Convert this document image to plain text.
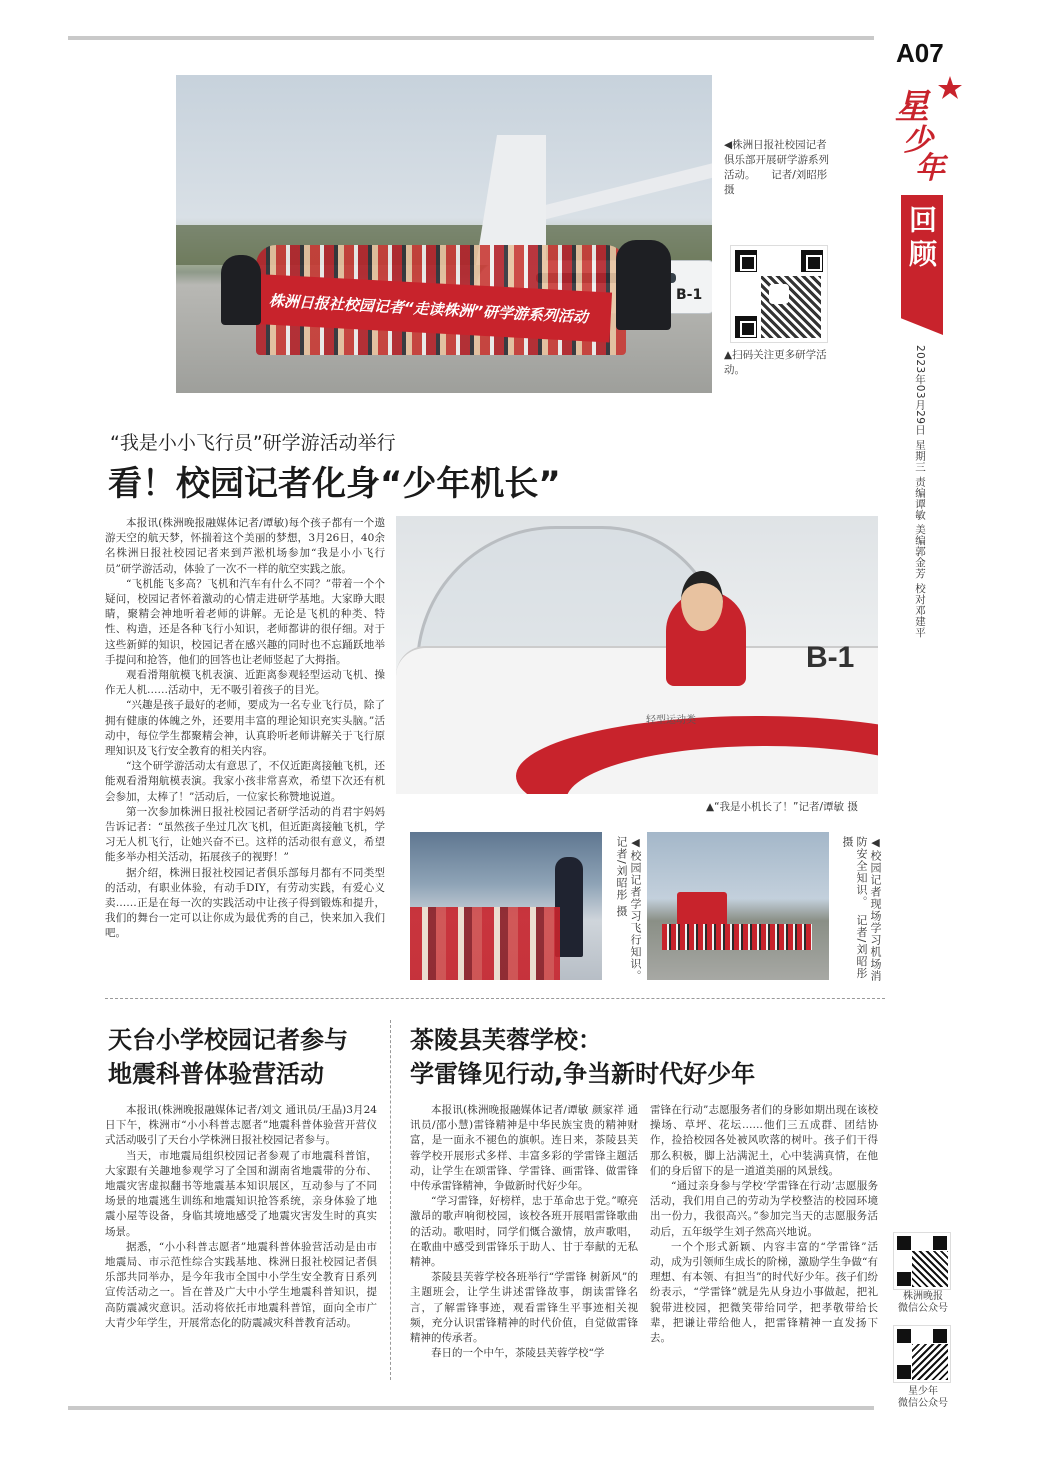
A07
星
少
年
回顾
2023年03月29日 星期三 责编谭敏 美编郭金芳 校对邓建平
B-1
株洲日报社校园记者“走读株洲”研学游系列活动
◀株洲日报社校园记者俱乐部开展研学游系列活动。　　记者/刘昭彤 摄
▲扫码关注更多研学活动。
“我是小小飞行员”研学游活动举行
看！校园记者化身“少年机长”

本报讯(株洲晚报融媒体记者/谭敏)每个孩子都有一个遨游天空的航天梦，怀揣着这个美丽的梦想，3月26日，40余名株洲日报社校园记者来到芦淞机场参加“我是小小飞行员”研学游活动，体验了一次不一样的航空实践之旅。

“飞机能飞多高？飞机和汽车有什么不同？”带着一个个疑问，校园记者怀着激动的心情走进研学基地。大家睁大眼睛，聚精会神地听着老师的讲解。无论是飞机的种类、特性、构造，还是各种飞行小知识，老师都讲的很仔细。对于这些新鲜的知识，校园记者在感兴趣的同时也不忘踊跃地举手提问和抢答，他们的回答也让老师竖起了大拇指。

观看滑翔航模飞机表演、近距离参观轻型运动飞机、操作无人机……活动中，无不吸引着孩子的目光。

“兴趣是孩子最好的老师，要成为一名专业飞行员，除了拥有健康的体魄之外，还要用丰富的理论知识充实头脑。”活动中，每位学生都聚精会神，认真聆听老师讲解关于飞行原理知识及飞行安全教育的相关内容。

“这个研学游活动太有意思了，不仅近距离接触飞机，还能观看滑翔航模表演。我家小孩非常喜欢，希望下次还有机会参加，太棒了！”活动后，一位家长称赞地说道。

第一次参加株洲日报社校园记者研学活动的肖君宇妈妈告诉记者：“虽然孩子坐过几次飞机，但近距离接触飞机，学习无人机飞行，让她兴奋不已。这样的活动很有意义，希望能多举办相关活动，拓展孩子的视野！”

据介绍，株洲日报社校园记者俱乐部每月都有不同类型的活动，有职业体验，有动手DIY，有劳动实践，有爱心义卖……正是在每一次的实践活动中让孩子得到锻炼和提升，我们的舞台一定可以让你成为最优秀的自己，快来加入我们吧。

B-1
轻型运动类
▲“我是小机长了！”记者/谭敏 摄
◀校园记者学习飞行知识。　记者/刘昭彤 摄	◀校园记者现场学习机场消防安全知识。　记者/刘昭彤 摄
天台小学校园记者参与
地震科普体验营活动

本报讯(株洲晚报融媒体记者/刘文 通讯员/王晶)3月24日下午，株洲市“小小科普志愿者”地震科普体验营开营仪式活动吸引了天台小学株洲日报社校园记者参与。

当天，市地震局组织校园记者参观了市地震科普馆，大家跟有关趣地参观学习了全国和湖南省地震带的分布、地震灾害虚拟翻书等地震基本知识展区，互动参与了不同场景的地震逃生训练和地震知识抢答系统，亲身体验了地震小屋等设备，身临其境地感受了地震灾害发生时的真实场景。

据悉，“小小科普志愿者”地震科普体验营活动是由市地震局、市示范性综合实践基地、株洲日报社校园记者俱乐部共同举办，是今年我市全国中小学生安全教育日系列宣传活动之一。旨在普及广大中小学生地震科普知识，提高防震减灾意识。活动将依托市地震科普馆，面向全市广大青少年学生，开展常态化的防震减灾科普教育活动。

茶陵县芙蓉学校：
学雷锋见行动,争当新时代好少年

本报讯(株洲晚报融媒体记者/谭敏 颜家祥 通讯员/邵小慧)雷锋精神是中华民族宝贵的精神财富，是一面永不褪色的旗帜。连日来，茶陵县芙蓉学校开展形式多样、丰富多彩的学雷锋主题活动，让学生在颂雷锋、学雷锋、画雷锋、做雷锋中传承雷锋精神，争做新时代好少年。

“学习雷锋，好榜样，忠于革命忠于党。”嘹亮激昂的歌声响彻校园，该校各班开展唱雷锋歌曲的活动。歌唱时，同学们慨合激情，放声歌唱，在歌曲中感受到雷锋乐于助人、甘于奉献的无私精神。

茶陵县芙蓉学校各班举行“学雷锋 树新风”的主题班会，让学生讲述雷锋故事，朗读雷锋名言，了解雷锋事迹，观看雷锋生平事迹相关视频，充分认识雷锋精神的时代价值，自觉做雷锋精神的传承者。

春日的一个中午，茶陵县芙蓉学校“学

雷锋在行动”志愿服务者们的身影如期出现在该校操场、草坪、花坛……他们三五成群、团结协作，捡拾校园各处被风吹落的树叶。孩子们干得那么积极，脚上沾满泥土，心中装满真情，在他们的身后留下的是一道道美丽的风景线。

“通过亲身参与学校‘学雷锋在行动’志愿服务活动，我们用自己的劳动为学校整洁的校园环境出一份力，我很高兴。”参加完当天的志愿服务活动后，五年级学生刘子然高兴地说。

一个个形式新颖、内容丰富的“学雷锋”活动，成为引领师生成长的阶梯，激励学生争做“有理想、有本领、有担当”的时代好少年。孩子们纷纷表示，“学雷锋”就是先从身边小事做起，把礼貌带进校园，把微笑带给同学，把孝敬带给长辈，把谦让带给他人，把雷锋精神一直发扬下去。

株洲晚报
微信公众号
星少年
微信公众号
